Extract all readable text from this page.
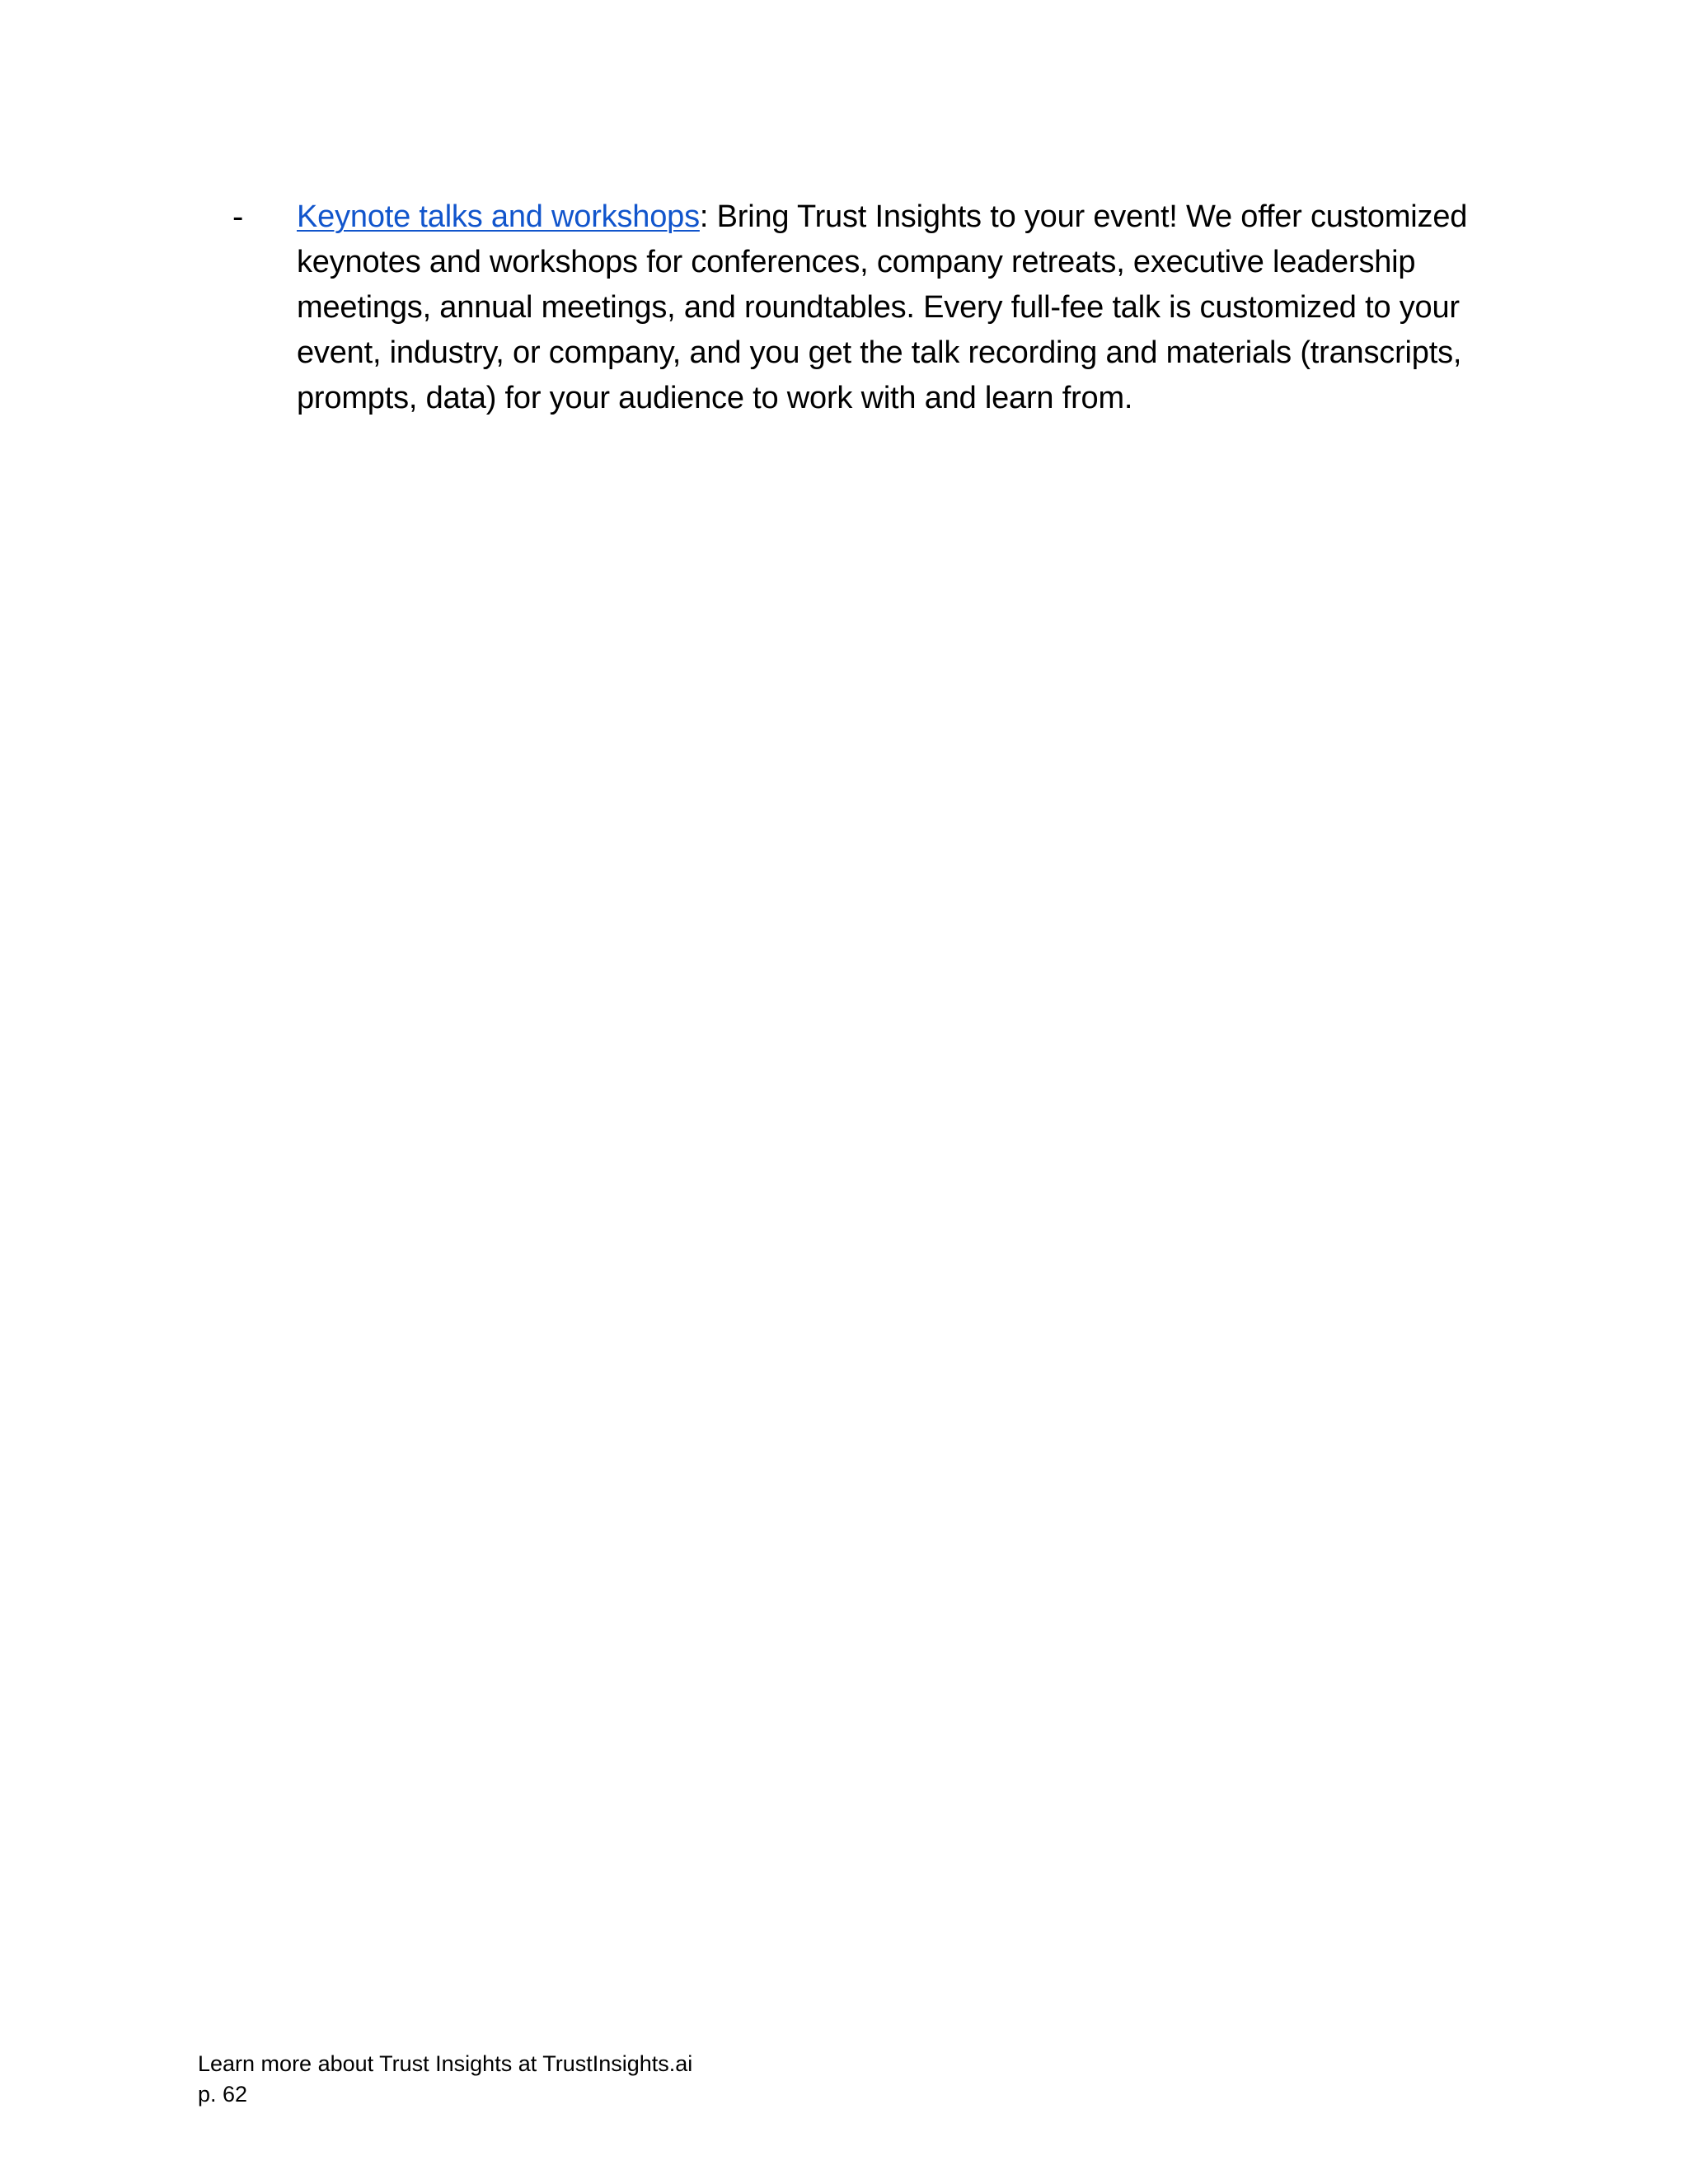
- Keynote talks and workshops: Bring Trust Insights to your event! We offer customized keynotes and workshops for conferences, company retreats, executive leadership meetings, annual meetings, and roundtables. Every full-fee talk is customized to your event, industry, or company, and you get the talk recording and materials (transcripts, prompts, data) for your audience to work with and learn from.
Learn more about Trust Insights at TrustInsights.ai
p. 62
